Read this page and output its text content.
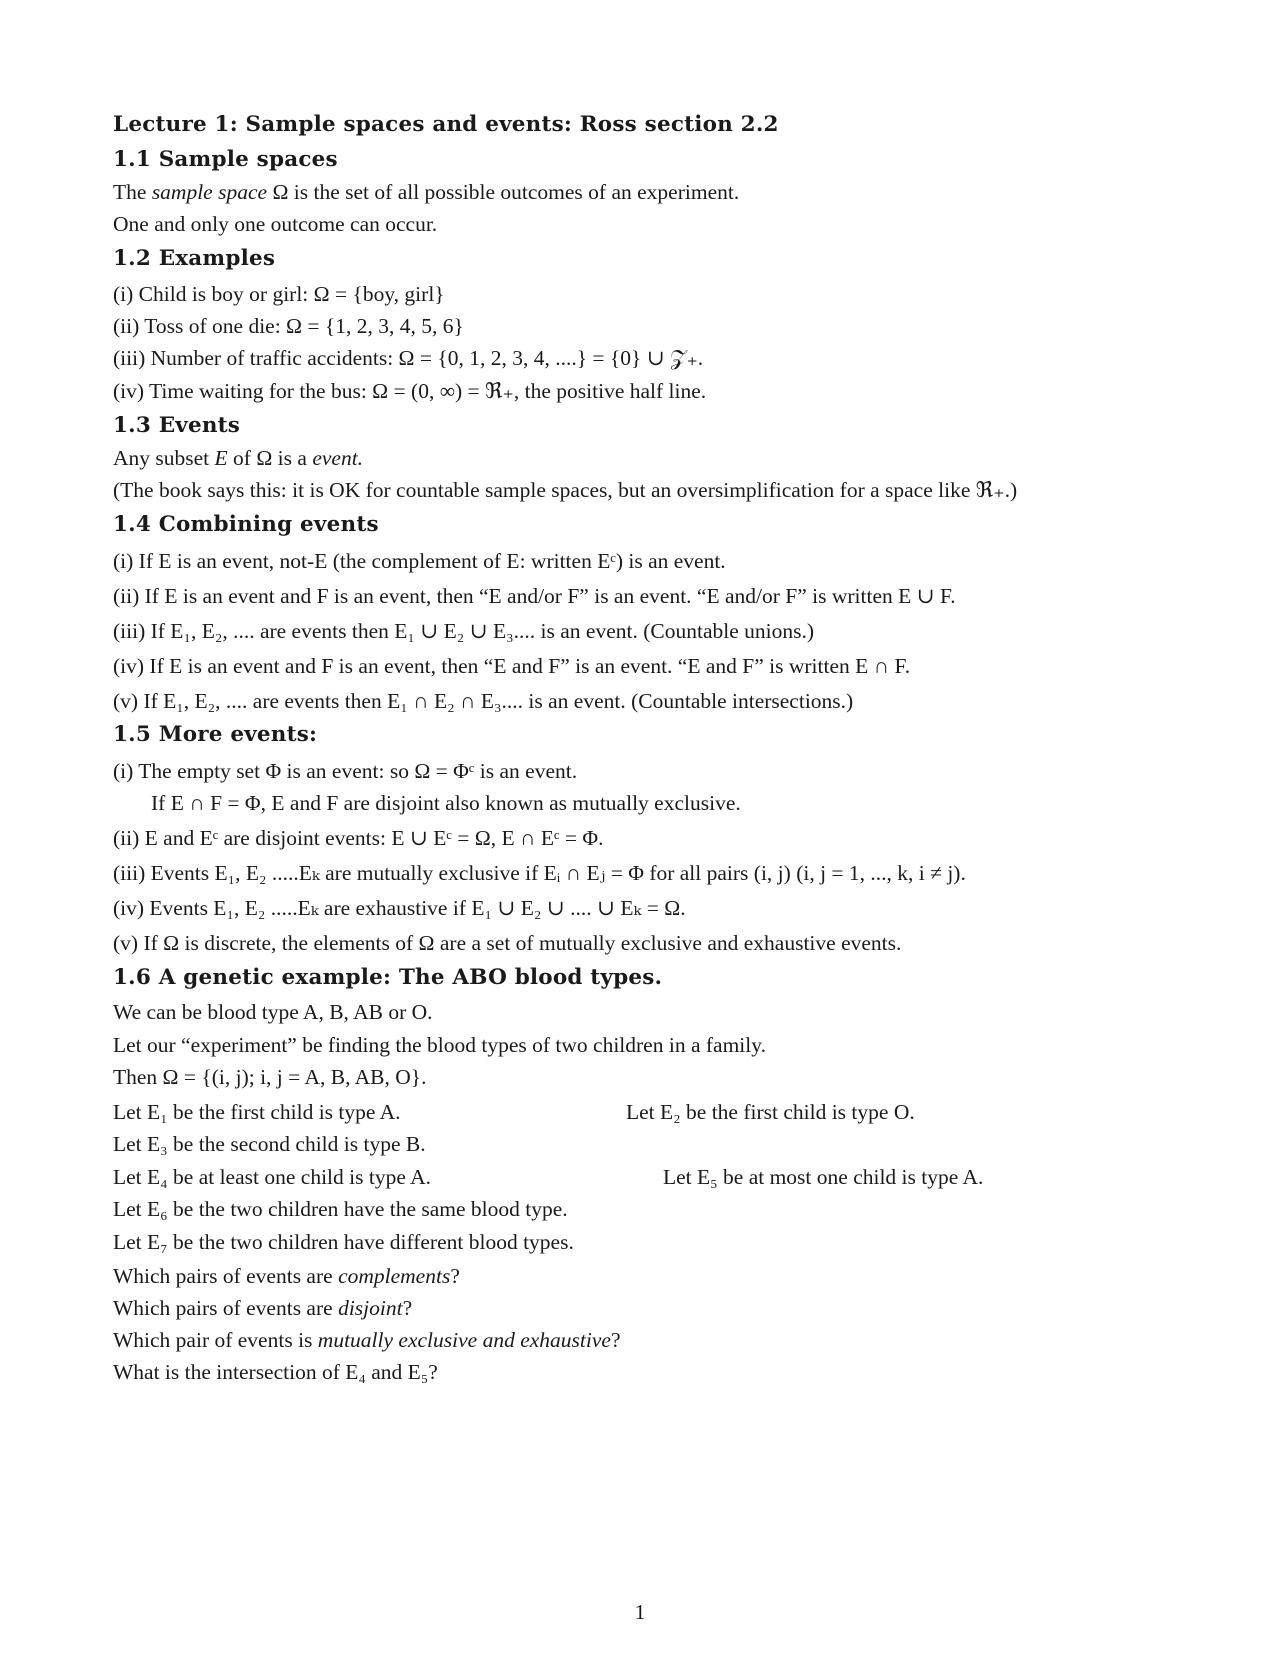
Lecture 1: Sample spaces and events: Ross section 2.2
1.1 Sample spaces
The sample space Ω is the set of all possible outcomes of an experiment.
One and only one outcome can occur.
1.2 Examples
(i) Child is boy or girl: Ω = {boy, girl}
(ii) Toss of one die: Ω = {1, 2, 3, 4, 5, 6}
(iii) Number of traffic accidents: Ω = {0, 1, 2, 3, 4, ....} = {0} ∪ 𝒵₊.
(iv) Time waiting for the bus: Ω = (0, ∞) = ℜ₊, the positive half line.
1.3 Events
Any subset E of Ω is a event.
(The book says this: it is OK for countable sample spaces, but an oversimplification for a space like ℜ₊.)
1.4 Combining events
(i) If E is an event, not-E (the complement of E: written Eᶜ) is an event.
(ii) If E is an event and F is an event, then “E and/or F” is an event. “E and/or F” is written E ∪ F.
(iii) If E₁, E₂, .... are events then E₁ ∪ E₂ ∪ E₃.... is an event. (Countable unions.)
(iv) If E is an event and F is an event, then “E and F” is an event. “E and F” is written E ∩ F.
(v) If E₁, E₂, .... are events then E₁ ∩ E₂ ∩ E₃.... is an event. (Countable intersections.)
1.5 More events:
(i) The empty set Φ is an event: so Ω = Φᶜ is an event.
If E ∩ F = Φ, E and F are disjoint also known as mutually exclusive.
(ii) E and Eᶜ are disjoint events: E ∪ Eᶜ = Ω, E ∩ Eᶜ = Φ.
(iii) Events E₁, E₂ .....Eₖ are mutually exclusive if Eᵢ ∩ Eⱼ = Φ for all pairs (i, j) (i, j = 1, ..., k, i ≠ j).
(iv) Events E₁, E₂ .....Eₖ are exhaustive if E₁ ∪ E₂ ∪ .... ∪ Eₖ = Ω.
(v) If Ω is discrete, the elements of Ω are a set of mutually exclusive and exhaustive events.
1.6 A genetic example: The ABO blood types.
We can be blood type A, B, AB or O.
Let our “experiment” be finding the blood types of two children in a family.
Then Ω = {(i, j); i, j = A, B, AB, O}.
Let E₁ be the first child is type A.	Let E₂ be the first child is type O.
Let E₃ be the second child is type B.
Let E₄ be at least one child is type A.	Let E₅ be at most one child is type A.
Let E₆ be the two children have the same blood type.
Let E₇ be the two children have different blood types.
Which pairs of events are complements?
Which pairs of events are disjoint?
Which pair of events is mutually exclusive and exhaustive?
What is the intersection of E₄ and E₅?
1
